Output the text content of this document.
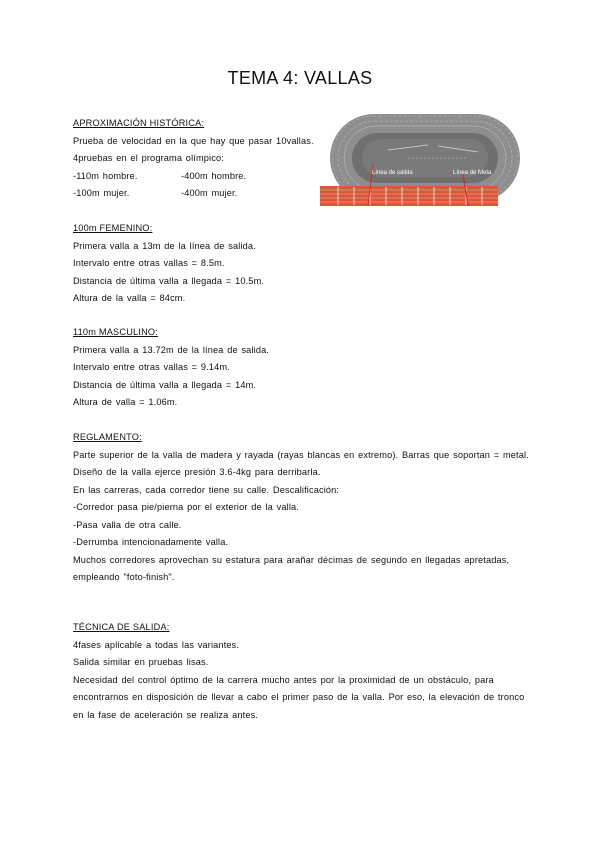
TEMA 4: VALLAS
APROXIMACIÓN HISTÓRICA:

Prueba de velocidad en la que hay que pasar 10vallas.

4pruebas en el programa olímpico:

-110m hombre.	-400m hombre.

-100m mujer.	-400m mujer.

Línea de salida	Línea de Meta
100m FEMENINO:

Primera valla a 13m de la línea de salida.

Intervalo entre otras vallas = 8.5m.

Distancia de última valla a llegada = 10.5m.

Altura de la valla = 84cm.

110m MASCULINO:

Primera valla a 13.72m de la línea de salida.

Intervalo entre otras vallas = 9.14m.

Distancia de última valla a llegada = 14m.

Altura de valla = 1.06m.

REGLAMENTO:

Parte superior de la valla de madera y rayada (rayas blancas en extremo). Barras que soportan = metal.

Diseño de la valla ejerce presión 3.6-4kg para derribarla.

En las carreras, cada corredor tiene su calle. Descalificación:

-Corredor pasa pie/pierna por el exterior de la valla.

-Pasa valla de otra calle.

-Derrumba intencionadamente valla.

Muchos corredores aprovechan su estatura para arañar décimas de segundo en llegadas apretadas, empleando "foto-finish".

TÉCNICA DE SALIDA:

4fases aplicable a todas las variantes.

Salida similar en pruebas lisas.

Necesidad del control óptimo de la carrera mucho antes por la proximidad de un obstáculo, para encontrarnos en disposición de llevar a cabo el primer paso de la valla. Por eso, la elevación de tronco en la fase de aceleración se realiza antes.
